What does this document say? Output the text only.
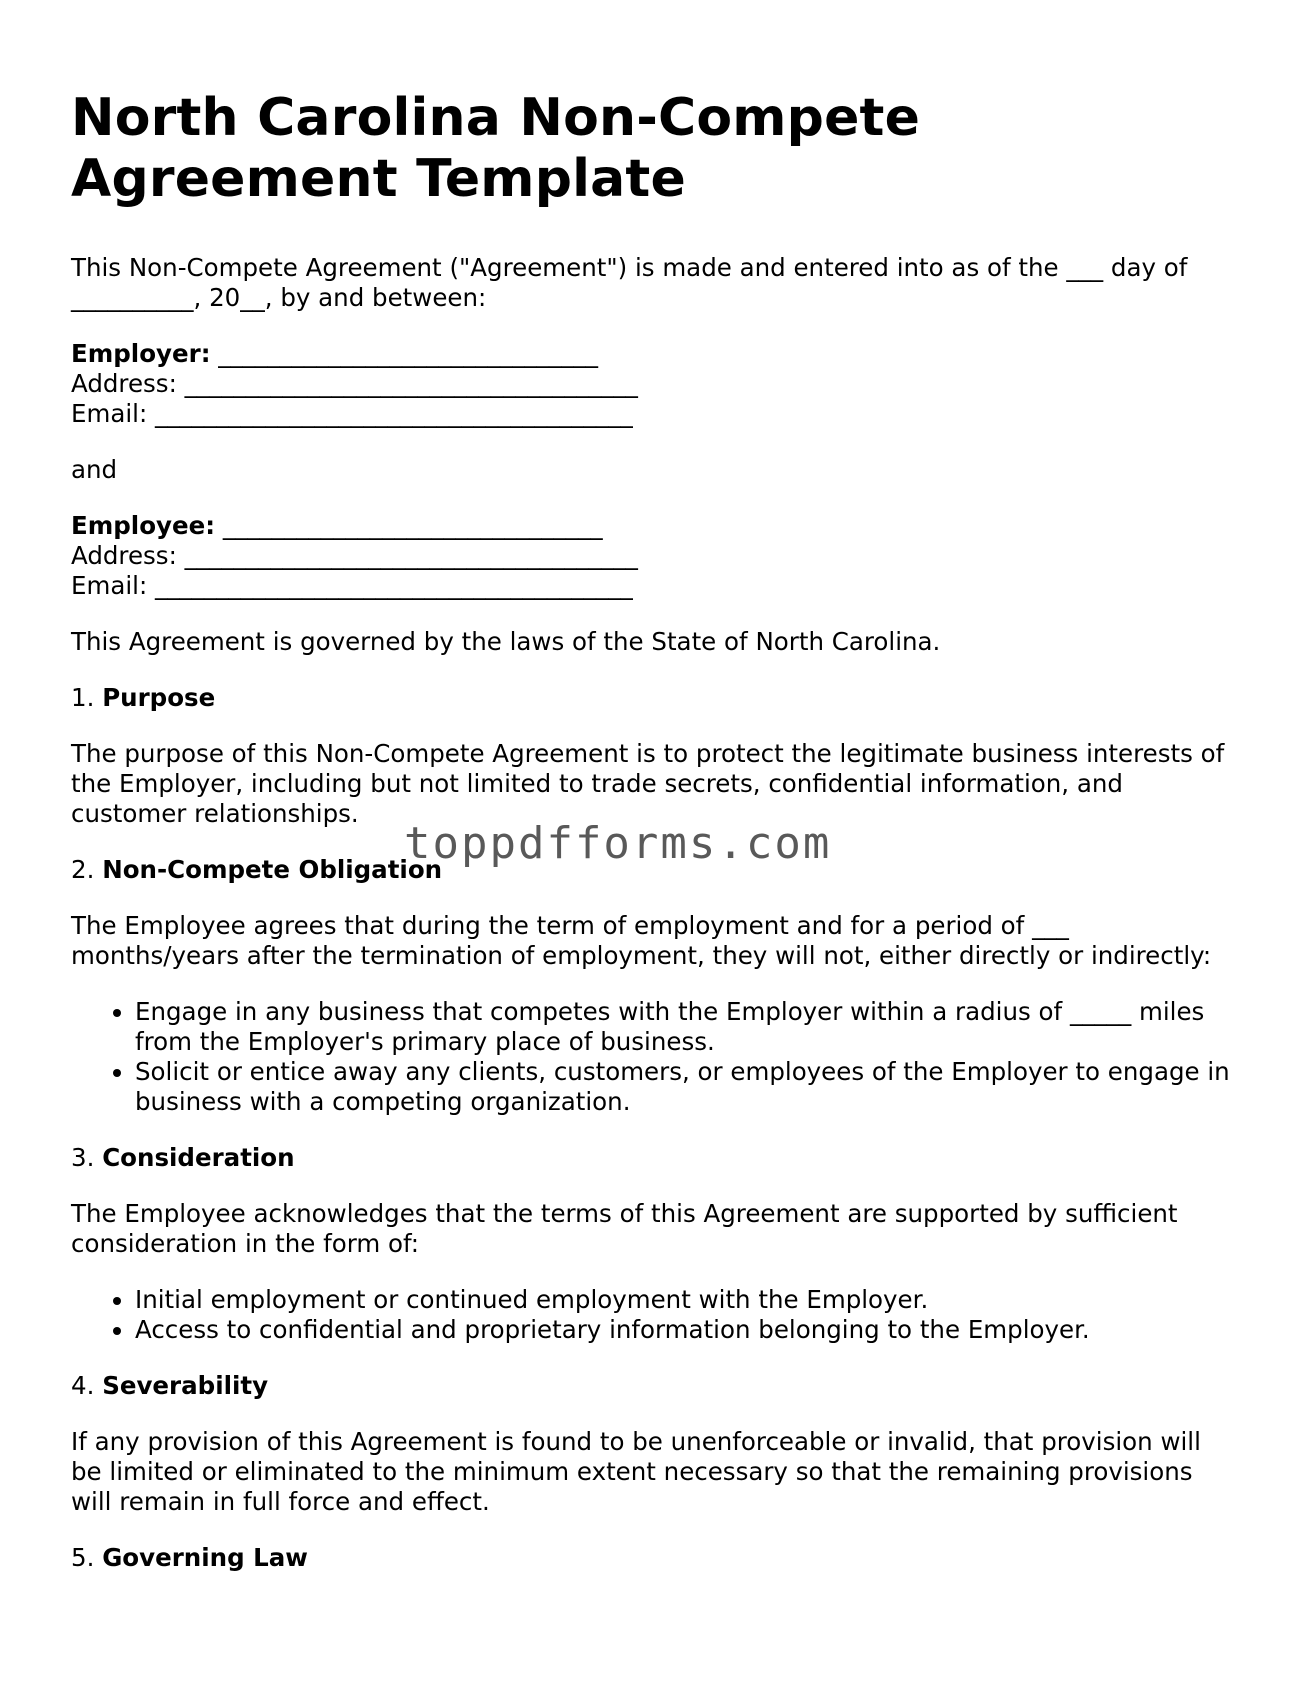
North Carolina Non-Compete Agreement Template

This Non-Compete Agreement ("Agreement") is made and entered into as of the ___ day of __________, 20__, by and between:

Employer: _______________________________
Address: _____________________________________
Email: _______________________________________

and

Employee: _______________________________
Address: _____________________________________
Email: _______________________________________

This Agreement is governed by the laws of the State of North Carolina.

1. Purpose

The purpose of this Non-Compete Agreement is to protect the legitimate business interests of the Employer, including but not limited to trade secrets, confidential information, and customer relationships.

2. Non-Compete Obligation

The Employee agrees that during the term of employment and for a period of ___ months/years after the termination of employment, they will not, either directly or indirectly:

• Engage in any business that competes with the Employer within a radius of _____ miles from the Employer's primary place of business.
• Solicit or entice away any clients, customers, or employees of the Employer to engage in business with a competing organization.

3. Consideration

The Employee acknowledges that the terms of this Agreement are supported by sufficient consideration in the form of:

• Initial employment or continued employment with the Employer.
• Access to confidential and proprietary information belonging to the Employer.

4. Severability

If any provision of this Agreement is found to be unenforceable or invalid, that provision will be limited or eliminated to the minimum extent necessary so that the remaining provisions will remain in full force and effect.

5. Governing Law

toppdfforms.com
